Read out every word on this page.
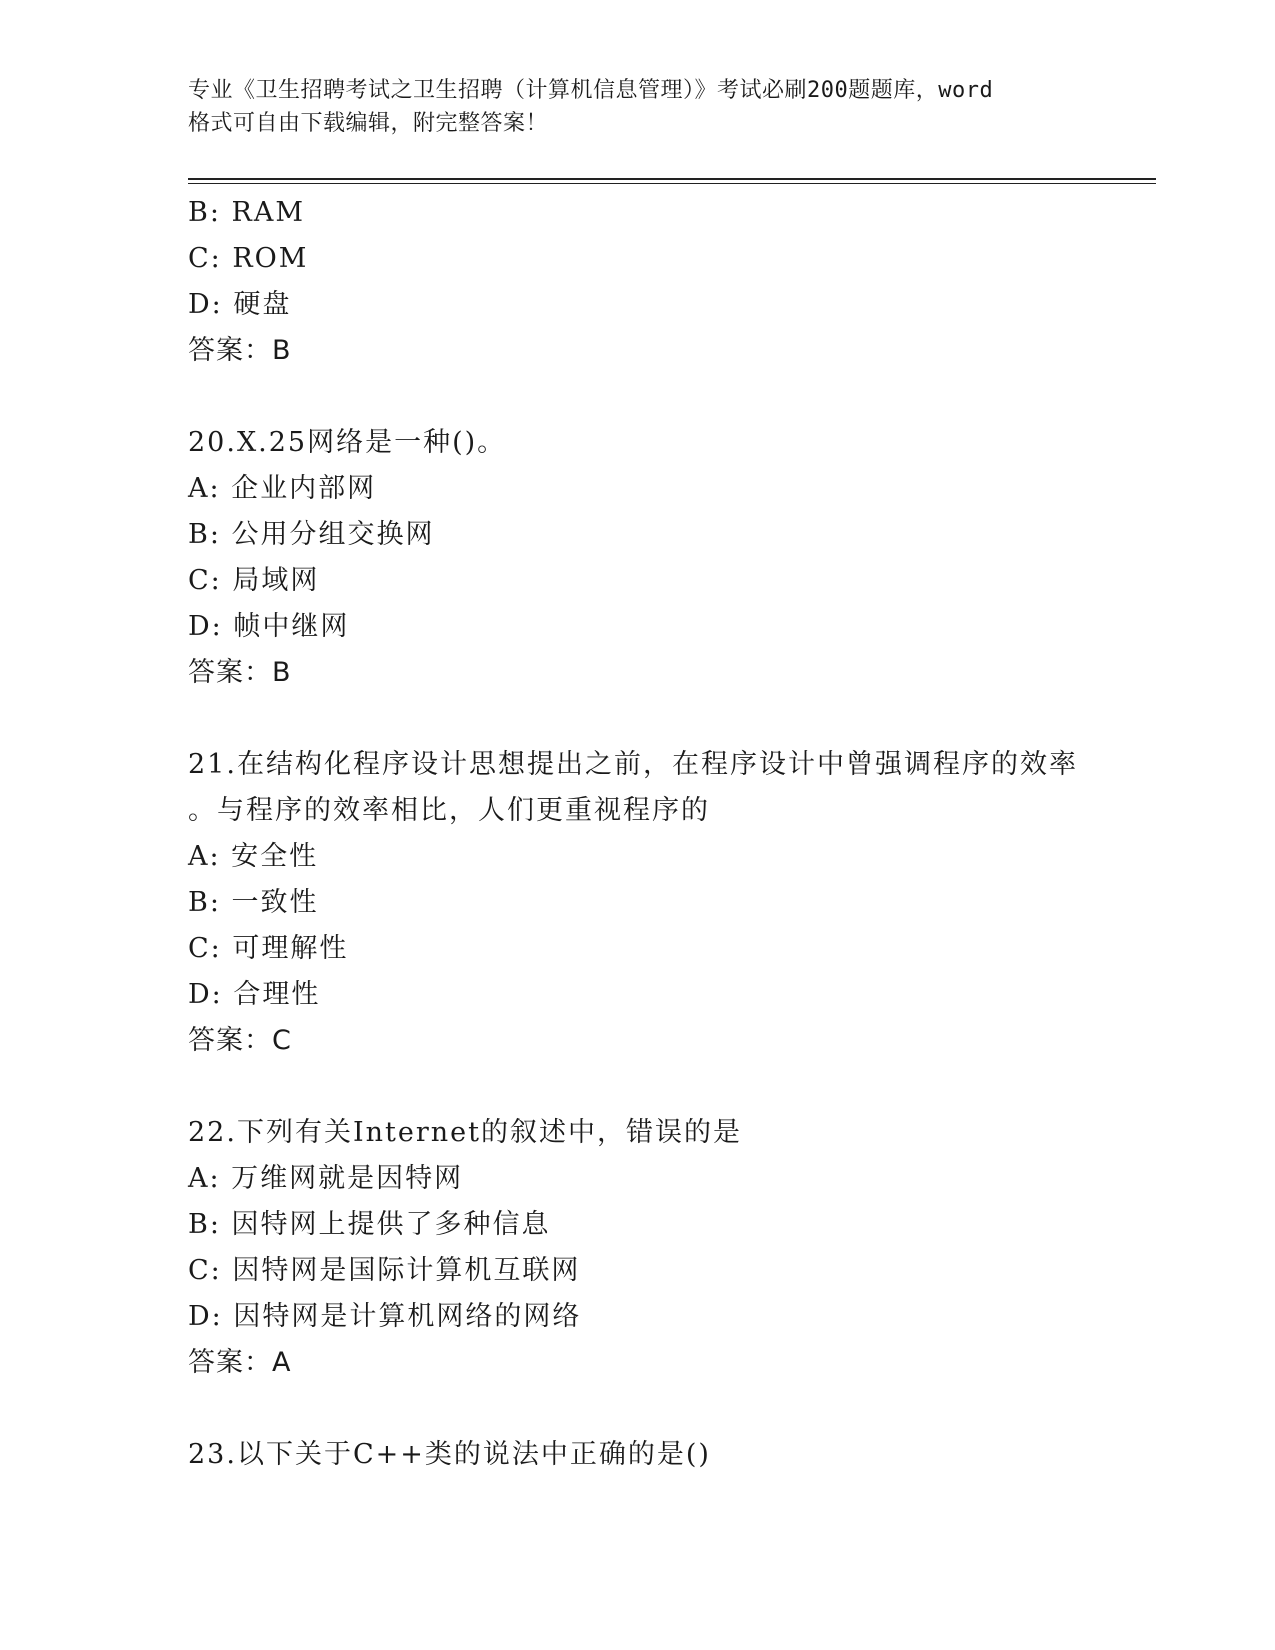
专业《卫生招聘考试之卫生招聘（计算机信息管理）》考试必刷200题题库，word
格式可自由下载编辑，附完整答案！
B: RAM
C: ROM
D: 硬盘
答案：B
20.X.25网络是一种()。
A: 企业内部网
B: 公用分组交换网
C: 局域网
D: 帧中继网
答案：B
21.在结构化程序设计思想提出之前，在程序设计中曾强调程序的效率
。与程序的效率相比，人们更重视程序的
A: 安全性
B: 一致性
C: 可理解性
D: 合理性
答案：C
22.下列有关Internet的叙述中，错误的是
A: 万维网就是因特网
B: 因特网上提供了多种信息
C: 因特网是国际计算机互联网
D: 因特网是计算机网络的网络
答案：A
23.以下关于C++类的说法中正确的是()
